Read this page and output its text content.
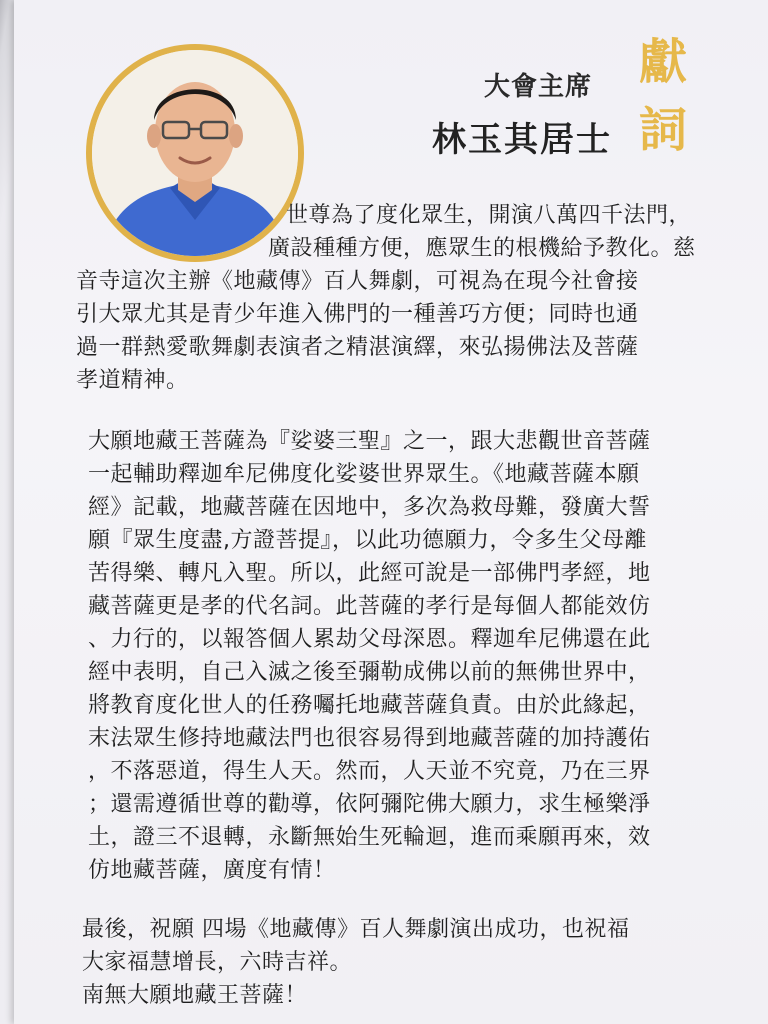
大會主席
林玉其居士
獻
詞
世尊為了度化眾生，開演八萬四千法門，
廣設種種方便，應眾生的根機給予教化。慈
音寺這次主辦《地藏傳》百人舞劇，可視為在現今社會接
引大眾尤其是青少年進入佛門的一種善巧方便；同時也通
過一群熱愛歌舞劇表演者之精湛演繹，來弘揚佛法及菩薩
孝道精神。
大願地藏王菩薩為『娑婆三聖』之一，跟大悲觀世音菩薩
一起輔助釋迦牟尼佛度化娑婆世界眾生。《地藏菩薩本願
經》記載，地藏菩薩在因地中，多次為救母難，發廣大誓
願『眾生度盡,方證菩提』，以此功德願力，令多生父母離
苦得樂、轉凡入聖。所以，此經可說是一部佛門孝經，地
藏菩薩更是孝的代名詞。此菩薩的孝行是每個人都能效仿
、力行的，以報答個人累劫父母深恩。釋迦牟尼佛還在此
經中表明，自己入滅之後至彌勒成佛以前的無佛世界中，
將教育度化世人的任務囑托地藏菩薩負責。由於此緣起，
末法眾生修持地藏法門也很容易得到地藏菩薩的加持護佑
，不落惡道，得生人天。然而，人天並不究竟，乃在三界
；還需遵循世尊的勸導，依阿彌陀佛大願力，求生極樂淨
土，證三不退轉，永斷無始生死輪迴，進而乘願再來，效
仿地藏菩薩，廣度有情！
最後，祝願 四場《地藏傳》百人舞劇演出成功，也祝福
大家福慧增長，六時吉祥。
南無大願地藏王菩薩！
